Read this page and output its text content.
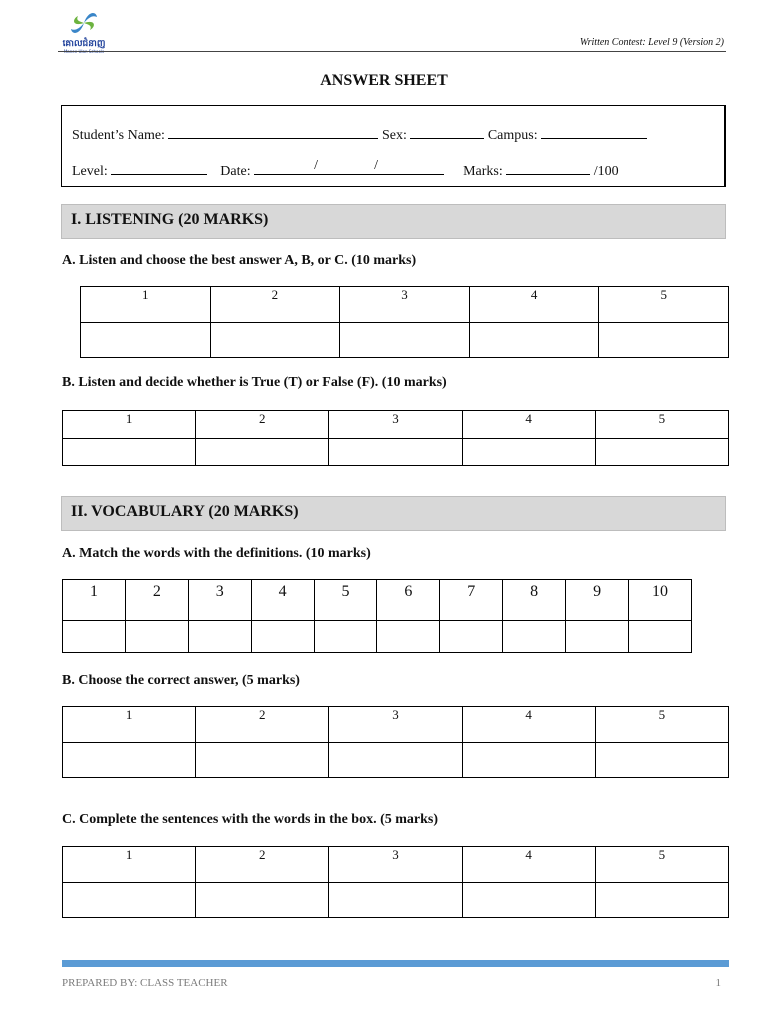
គោលជំនាញ
Manee Ulan Schools
Written Contest: Level 9 (Version 2)
ANSWER SHEET
Student’s Name:	Sex:	Campus:
Level:	Date:	/	/	Marks:	/100
I. LISTENING (20 MARKS)
A. Listen and choose the best answer A, B, or C. (10 marks)
1	2	3	4	5

B. Listen and decide whether is True (T) or False (F). (10 marks)
1	2	3	4	5

II. VOCABULARY (20 MARKS)
A. Match the words with the definitions. (10 marks)
1	2	3	4	5	6	7	8	9	10

B. Choose the correct answer, (5 marks)
1	2	3	4	5

C. Complete the sentences with the words in the box. (5 marks)
1	2	3	4	5

PREPARED BY: CLASS TEACHER	1
